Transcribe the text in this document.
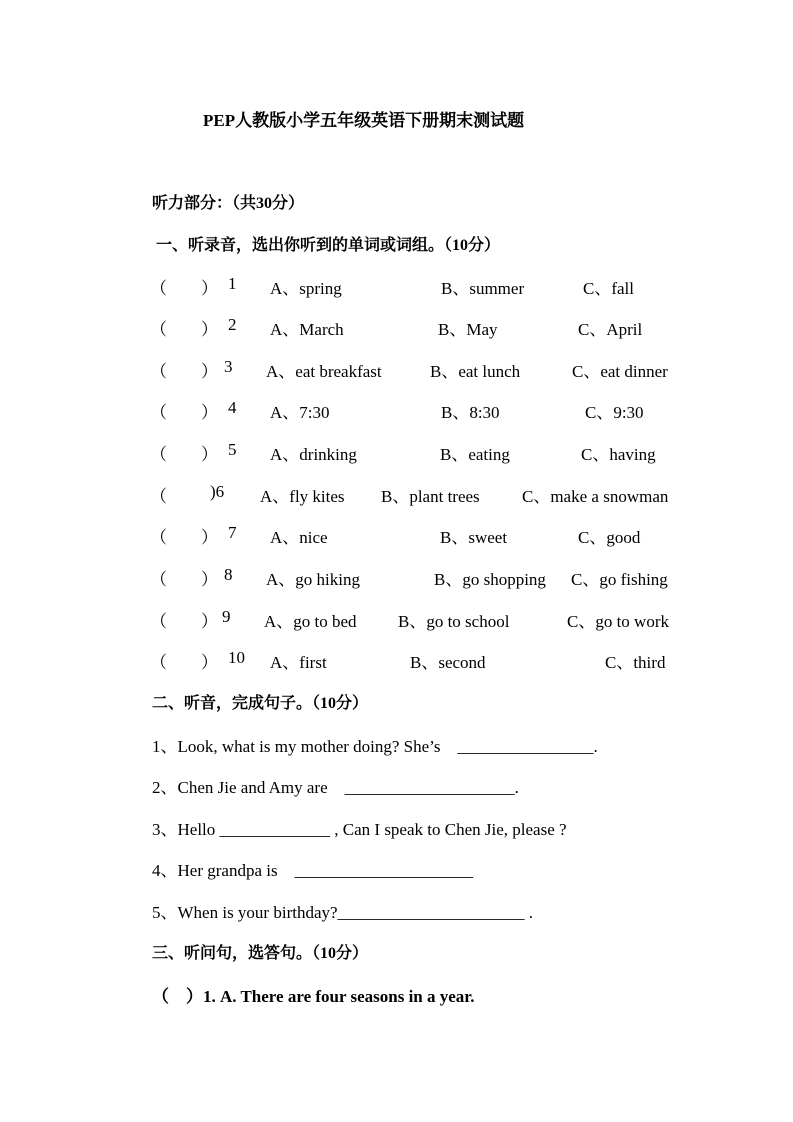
PEP人教版小学五年级英语下册期末测试题
听力部分：（共30分）
一、听录音，选出你听到的单词或词组。（10分）
（　　） 1 A、spring	B、summer	C、fall
（　　） 2 A、March	B、May	C、April
（　　） 3 A、eat breakfast	B、eat lunch	C、eat dinner
（　　） 4 A、7:30	B、8:30	C、9:30
（　　） 5 A、drinking	B、eating	C、having
（　　 )6 A、fly kites B、plant trees C、make a snowman
（　　） 7 A、nice	B、sweet	C、good
（　　） 8 A、go hiking	B、go shopping C、go fishing
（　　） 9 A、go to bed B、go to school	C、go to work
（　　） 10 A、first	B、second	C、third
二、听音，完成句子。（10分）
1、Look, what is my mother doing? She’s    ________________.
2、Chen Jie and Amy are    ____________________.
3、Hello _____________ , Can I speak to Chen Jie, please ?
4、Her grandpa is    _____________________
5、When is your birthday?______________________ .
三、听问句，选答句。（10分）
（　）1. A. There are four seasons in a year.
